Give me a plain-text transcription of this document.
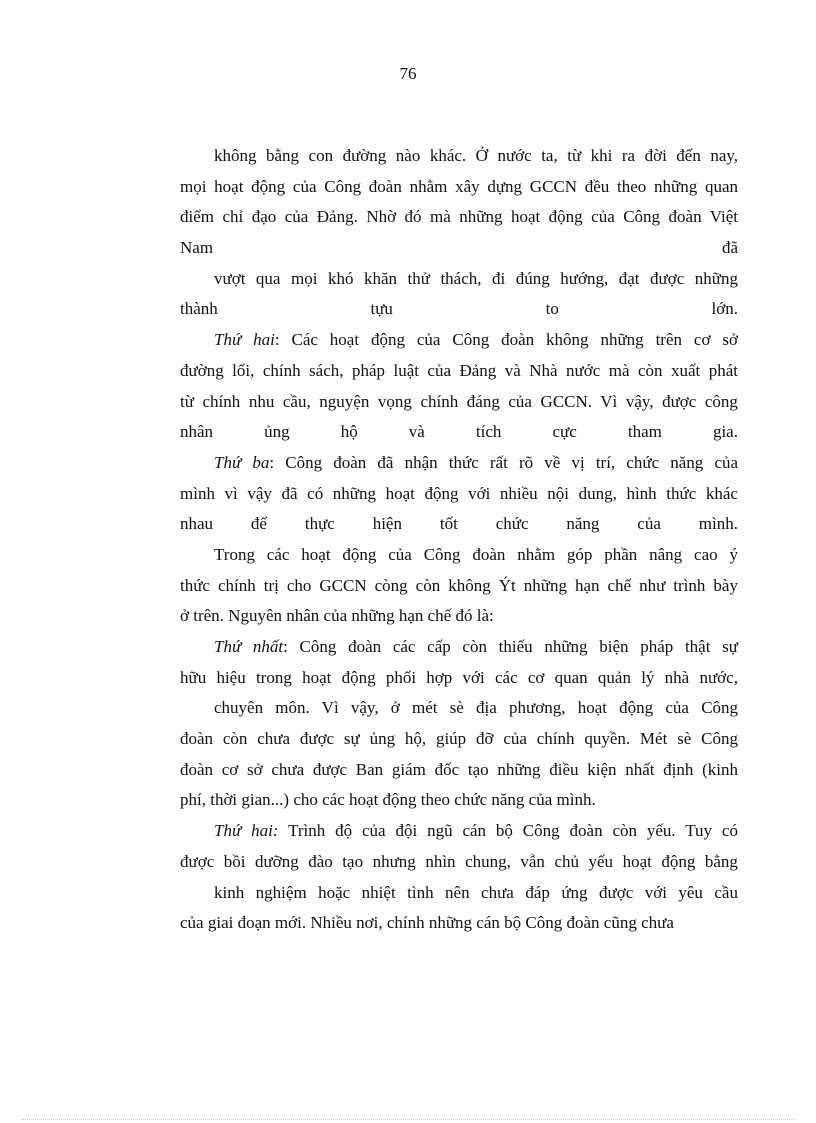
76
không bằng con đường nào khác. Ở nước ta, từ khi ra đời đến nay,
mọi hoạt động của Công đoàn nhằm xây dựng GCCN đều theo những quan
điểm chỉ đạo của Đảng. Nhờ đó mà những hoạt động của Công đoàn Việt
Nam	đã
vượt qua mọi khó khăn thử thách, đi đúng hướng, đạt được những
thành	tựu	to	lớn.
Thứ hai: Các hoạt động của Công đoàn không những trên cơ sở
đường lối, chính sách, pháp luật của Đảng và Nhà nước mà còn xuất phát
từ chính nhu cầu, nguyện vọng chính đáng của GCCN. Vì vậy, được công
nhân	ủng	hộ	và	tích	cực	tham	gia.
Thứ ba: Công đoàn đã nhận thức rất rõ về vị trí, chức năng của
mình vì vậy đã có những hoạt động với nhiều nội dung, hình thức khác
nhau để thực hiện tốt chức năng của mình.
Trong các hoạt động của Công đoàn nhằm góp phần nâng cao ý
thức chính trị cho GCCN còng còn không Ýt những hạn chế như trình bày
ở trên. Nguyên nhân của những hạn chế đó là:
Thứ nhất: Công đoàn các cấp còn thiếu những biện pháp thật sự
hữu hiệu trong hoạt động phối hợp với các cơ quan quản lý nhà nước,
chuyên môn. Vì vậy, ở mét sè địa phương, hoạt động của Công
đoàn còn chưa được sự ủng hộ, giúp đỡ của chính quyền. Mét sè Công
đoàn cơ sở chưa được Ban giám đốc tạo những điều kiện nhất định (kinh
phí, thời gian...) cho các hoạt động theo chức năng của mình.
Thứ hai: Trình độ của đội ngũ cán bộ Công đoàn còn yếu. Tuy có
được bồi dưỡng đào tạo nhưng nhìn chung, vẫn chủ yếu hoạt động bằng
kinh nghiệm hoặc nhiệt tình nên chưa đáp ứng được với yêu cầu
của giai đoạn mới. Nhiều nơi, chính những cán bộ Công đoàn cũng chưa
